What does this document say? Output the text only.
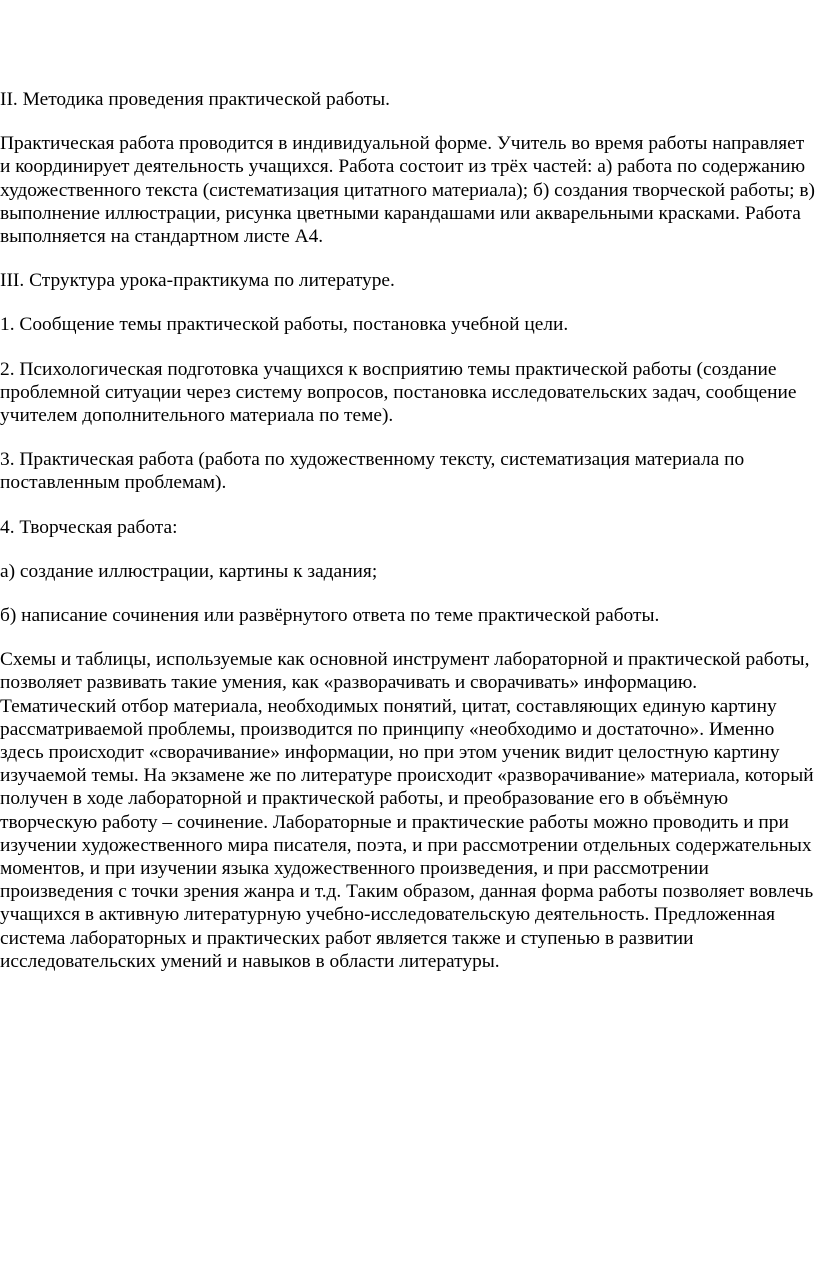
II. Методика проведения практической работы.

Практическая работа проводится в индивидуальной форме. Учитель во время работы направляет и координирует деятельность учащихся. Работа состоит из трёх частей: а) работа по содержанию художественного текста (систематизация цитатного материала); б) создания творческой работы; в) выполнение иллюстрации, рисунка цветными карандашами или акварельными красками. Работа выполняется на стандартном листе А4.

III. Структура урока-практикума по литературе.

1. Сообщение темы практической работы, постановка учебной цели.

2. Психологическая подготовка учащихся к восприятию темы практической работы (создание проблемной ситуации через систему вопросов, постановка исследовательских задач, сообщение учителем дополнительного материала по теме).

3. Практическая работа (работа по художественному тексту, систематизация материала по поставленным проблемам).

4. Творческая работа:

а) создание иллюстрации, картины к задания;

б) написание сочинения или развёрнутого ответа по теме практической работы.

Схемы и таблицы, используемые как основной инструмент лабораторной и практической работы, позволяет развивать такие умения, как «разворачивать и сворачивать» информацию. Тематический отбор материала, необходимых понятий, цитат, составляющих единую картину рассматриваемой проблемы, производится по принципу «необходимо и достаточно». Именно здесь происходит «сворачивание» информации, но при этом ученик видит целостную картину изучаемой темы. На экзамене же по литературе происходит «разворачивание» материала, который получен в ходе лабораторной и практической работы, и преобразование его в объёмную творческую работу – сочинение. Лабораторные и практические работы можно проводить и при изучении художественного мира писателя, поэта, и при рассмотрении отдельных содержательных моментов, и при изучении языка художественного произведения, и при рассмотрении произведения с точки зрения жанра и т.д. Таким образом, данная форма работы позволяет вовлечь учащихся в активную литературную учебно-исследовательскую деятельность. Предложенная система лабораторных и практических работ является также и ступенью в развитии исследовательских умений и навыков в области литературы.
